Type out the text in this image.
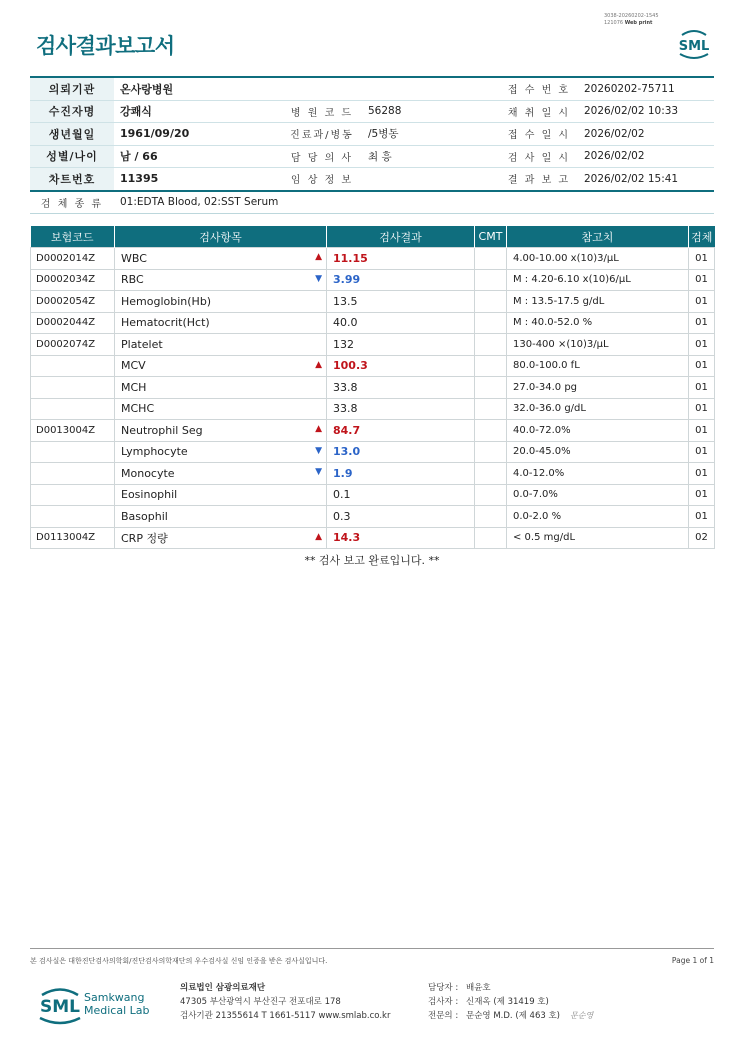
검사결과보고서
3038-20260202-1545
121076 Web print
SML
의뢰기관	온사랑병원			접 수 번 호	20260202-75711
수진자명	강쾌식	병 원 코 드	56288	채 취 일 시	2026/02/02 10:33
생년월일	1961/09/20	진료과/병동	/5병동	접 수 일 시	2026/02/02
성별/나이	남 / 66	담 당 의 사	최 흥	검 사 일 시	2026/02/02
차트번호	11395	임 상 정 보		결 과 보 고	2026/02/02 15:41
검 체 종 류	01:EDTA Blood, 02:SST Serum				
보험코드	검사항목	검사결과	CMT	참고치	검체
D0002014Z	WBC ▲	11.15		4.00-10.00 x(10)3/μL	01
D0002034Z	RBC ▼	3.99		M : 4.20-6.10 x(10)6/μL	01
D0002054Z	Hemoglobin(Hb)	13.5		M : 13.5-17.5 g/dL	01
D0002044Z	Hematocrit(Hct)	40.0		M : 40.0-52.0 %	01
D0002074Z	Platelet	132		130-400 ×(10)3/μL	01
	MCV ▲	100.3		80.0-100.0 fL	01
	MCH	33.8		27.0-34.0 pg	01
	MCHC	33.8		32.0-36.0 g/dL	01
D0013004Z	Neutrophil Seg ▲	84.7		40.0-72.0%	01
	Lymphocyte ▼	13.0		20.0-45.0%	01
	Monocyte ▼	1.9		4.0-12.0%	01
	Eosinophil	0.1		0.0-7.0%	01
	Basophil	0.3		0.0-2.0 %	01
D0113004Z	CRP 정량 ▲	14.3		< 0.5 mg/dL	02
** 검사 보고 완료입니다. **
본 검사실은 대한진단검사의학회/진단검사의학재단의 우수검사실 신임 인증을 받은 검사실입니다.	Page 1 of 1
SML Samkwang
Medical Lab
의료법인 삼광의료재단
47305 부산광역시 부산진구 전포대로 178
검사기관 21355614 T 1661-5117 www.smlab.co.kr
담당자 : 배윤호
검사자 : 신재옥 (제 31419 호)
전문의 : 문순영 M.D. (제 463 호) 문순영
